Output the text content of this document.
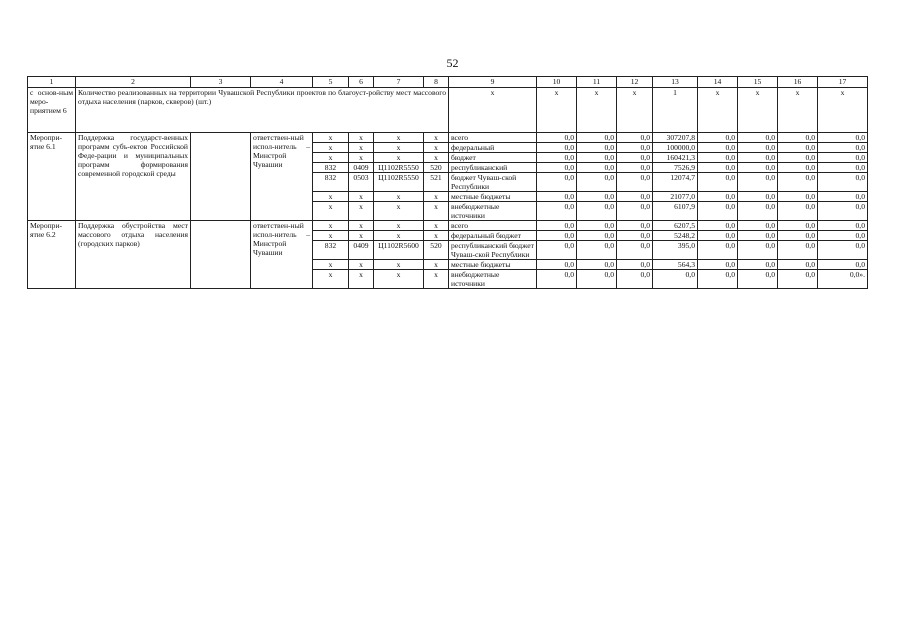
52
1	2	3	4	5	6	7	8	9	10	11	12	13	14	15	16	17
с основ-ным меро-приятием 6	Количество реализованных на территории Чувашской Республики проектов по благоуст-ройству мест массового отдыха населения (парков, скверов) (шт.)							х	х	х	х	1	х	х	х	х
Меропри-ятие 6.1	Поддержка государст-венных программ субъ-ектов Российской Феде-рации и муниципальных программ формирования современной городской среды		ответствен-ный испол-нитель – Минстрой Чувашии	х	х	х	х	всего	0,0	0,0	0,0	307207,8	0,0	0,0	0,0	0,0
				х	х	х	х	федеральный	0,0	0,0	0,0	100000,0	0,0	0,0	0,0	0,0
				х	х	х	х	бюджет	0,0	0,0	0,0	160421,3	0,0	0,0	0,0	0,0
				832	0409	Ц1102R5550	520	республиканский	0,0	0,0	0,0	7526,9	0,0	0,0	0,0	0,0
				832	0503	Ц1102R5550	521	бюджет Чуваш-ской Республики	0,0	0,0	0,0	12074,7	0,0	0,0	0,0	0,0
				х	х	х	х	местные бюджеты	0,0	0,0	0,0	21077,0	0,0	0,0	0,0	0,0
				х	х	х	х	внебюджетные источники	0,0	0,0	0,0	6107,9	0,0	0,0	0,0	0,0
Меропри-ятие 6.2	Поддержка обустройства мест массового отдыха населения (городских парков)		ответствен-ный испол-нитель – Минстрой Чувашии	х	х	х	х	всего	0,0	0,0	0,0	6207,5	0,0	0,0	0,0	0,0
				х	х	х	х	федеральный бюджет	0,0	0,0	0,0	5248,2	0,0	0,0	0,0	0,0
				832	0409	Ц1102R5600	520	республиканский бюджет Чуваш-ской Республики	0,0	0,0	0,0	395,0	0,0	0,0	0,0	0,0
				х	х	х	х	местные бюджеты	0,0	0,0	0,0	564,3	0,0	0,0	0,0	0,0
				х	х	х	х	внебюджетные источники	0,0	0,0	0,0	0,0	0,0	0,0	0,0	0,0».
